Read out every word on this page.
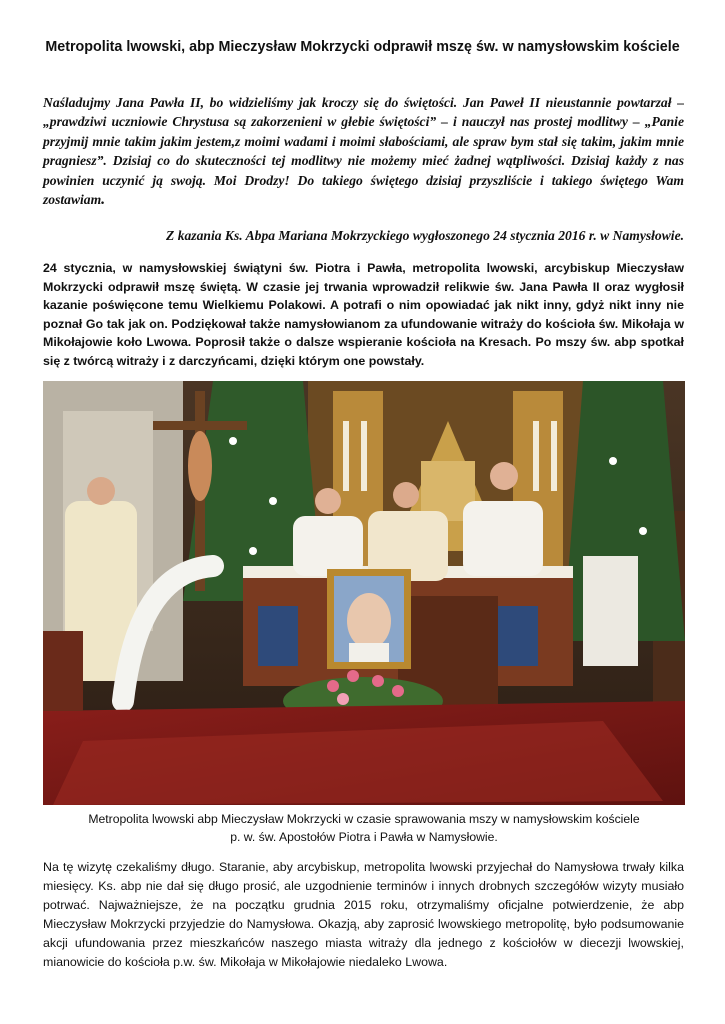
Metropolita lwowski, abp Mieczysław Mokrzycki odprawił mszę św. w namysłowskim kościele

Naśladujmy Jana Pawła II, bo widzieliśmy jak kroczy się do świętości. Jan Paweł II nieustannie powtarzał – „prawdziwi uczniowie Chrystusa są zakorzenieni w głebie świętości” – i nauczył nas prostej modlitwy – „Panie przyjmij mnie takim jakim jestem,z moimi wadami i moimi słabościami, ale spraw bym stał się takim, jakim mnie pragniesz”. Dzisiaj co do skuteczności tej modlitwy nie możemy mieć żadnej wątpliwości. Dzisiaj każdy z nas powinien uczynić ją swoją. Moi Drodzy! Do takiego świętego dzisiaj przyszliście i takiego świętego Wam zostawiam.

Z kazania Ks. Abpa Mariana Mokrzyckiego wygłoszonego 24 stycznia 2016 r. w Namysłowie.

24 stycznia, w namysłowskiej świątyni św. Piotra i Pawła, metropolita lwowski, arcybiskup Mieczysław Mokrzycki odprawił mszę świętą. W czasie jej trwania wprowadził relikwie św. Jana Pawła II oraz wygłosił kazanie poświęcone temu Wielkiemu Polakowi. A potrafi o nim opowiadać jak nikt inny, gdyż nikt inny nie poznał Go tak jak on. Podziękował także namysłowianom za ufundowanie witraży do kościoła św. Mikołaja w Mikołajowie koło Lwowa. Poprosił także o dalsze wspieranie kościoła na Kresach. Po mszy św. abp spotkał się z twórcą witraży i z darczyńcami, dzięki którym one powstały.

Metropolita lwowski abp Mieczysław Mokrzycki w czasie sprawowania mszy w namysłowskim kościele
p. w. św. Apostołów Piotra i Pawła w Namysłowie.

Na tę wizytę czekaliśmy długo. Staranie, aby arcybiskup, metropolita lwowski przyjechał do Namysłowa trwały kilka miesięcy. Ks. abp nie dał się długo prosić, ale uzgodnienie terminów i innych drobnych szczegółów wizyty musiało potrwać. Najważniejsze, że na początku grudnia 2015 roku, otrzymaliśmy oficjalne potwierdzenie, że abp Mieczysław Mokrzycki przyjedzie do Namysłowa. Okazją, aby zaprosić lwowskiego metropolitę, było podsumowanie akcji ufundowania przez mieszkańców naszego miasta witraży dla jednego z kościołów w diecezji lwowskiej, mianowicie do kościoła p.w. św. Mikołaja w Mikołajowie niedaleko Lwowa.
